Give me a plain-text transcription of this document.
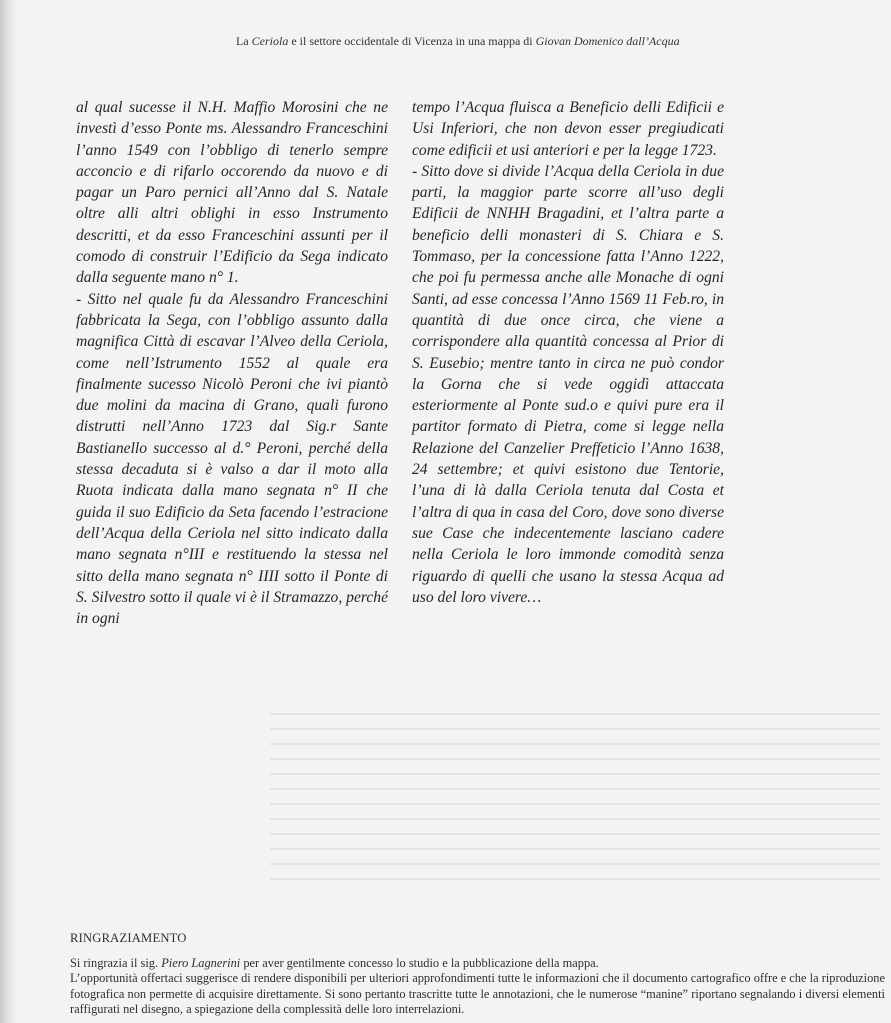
La Ceriola e il settore occidentale di Vicenza in una mappa di Giovan Domenico dall’Acqua

al qual sucesse il N.H. Maffio Morosini che ne investì d’esso Ponte ms. Alessandro Franceschini l’anno 1549 con l’obbligo di tenerlo sempre acconcio e di rifarlo occorendo da nuovo e di pagar un Paro pernici all’Anno dal S. Natale oltre alli altri oblighi in esso Instrumento descritti, et da esso Franceschini assunti per il comodo di construir l’Edificio da Sega indicato dalla seguente mano n° 1.

- Sitto nel quale fu da Alessandro Franceschini fabbricata la Sega, con l’obbligo assunto dalla magnifica Città di escavar l’Alveo della Ceriola, come nell’Istrumento 1552 al quale era finalmente sucesso Nicolò Peroni che ivi piantò due molini da macina di Grano, quali furono distrutti nell’Anno 1723 dal Sig.r Sante Bastianello successo al d.° Peroni, perché della stessa decaduta si è valso a dar il moto alla Ruota indicata dalla mano segnata n° II che guida il suo Edificio da Seta facendo l’estracione dell’Acqua della Ceriola nel sitto indicato dalla mano segnata n°III e restituendo la stessa nel sitto della mano segnata n° IIII sotto il Ponte di S. Silvestro sotto il quale vi è il Stramazzo, perché in ogni

tempo l’Acqua fluisca a Beneficio delli Edificii e Usi Inferiori, che non devon esser pregiudicati come edificii et usi anteriori e per la legge 1723.

- Sitto dove si divide l’Acqua della Ceriola in due parti, la maggior parte scorre all’uso degli Edificii de NNHH Bragadini, et l’altra parte a beneficio delli monasteri di S. Chiara e S. Tommaso, per la concessione fatta l’Anno 1222, che poi fu permessa anche alle Monache di ogni Santi, ad esse concessa l’Anno 1569 11 Feb.ro, in quantità di due once circa, che viene a corrispondere alla quantità concessa al Prior di S. Eusebio; mentre tanto in circa ne può condor la Gorna che si vede oggidì attaccata esteriormente al Ponte sud.o e quivi pure era il partitor formato di Pietra, come si legge nella Relazione del Canzelier Preffeticio l’Anno 1638, 24 settembre; et quivi esistono due Tentorie, l’una di là dalla Ceriola tenuta dal Costa et l’altra di qua in casa del Coro, dove sono diverse sue Case che indecentemente lasciano cadere nella Ceriola le loro immonde comodità senza riguardo di quelli che usano la stessa Acqua ad uso del loro vivere…

RINGRAZIAMENTO

Si ringrazia il sig. Piero Lagnerini per aver gentilmente concesso lo studio e la pubblicazione della mappa.

L’opportunità offertaci suggerisce di rendere disponibili per ulteriori approfondimenti tutte le informazioni che il documento cartografico offre e che la riproduzione fotografica non permette di acquisire direttamente. Si sono pertanto trascritte tutte le annotazioni, che le numerose “manine” riportano segnalando i diversi elementi raffigurati nel disegno, a spiegazione della complessità delle loro interrelazioni.
